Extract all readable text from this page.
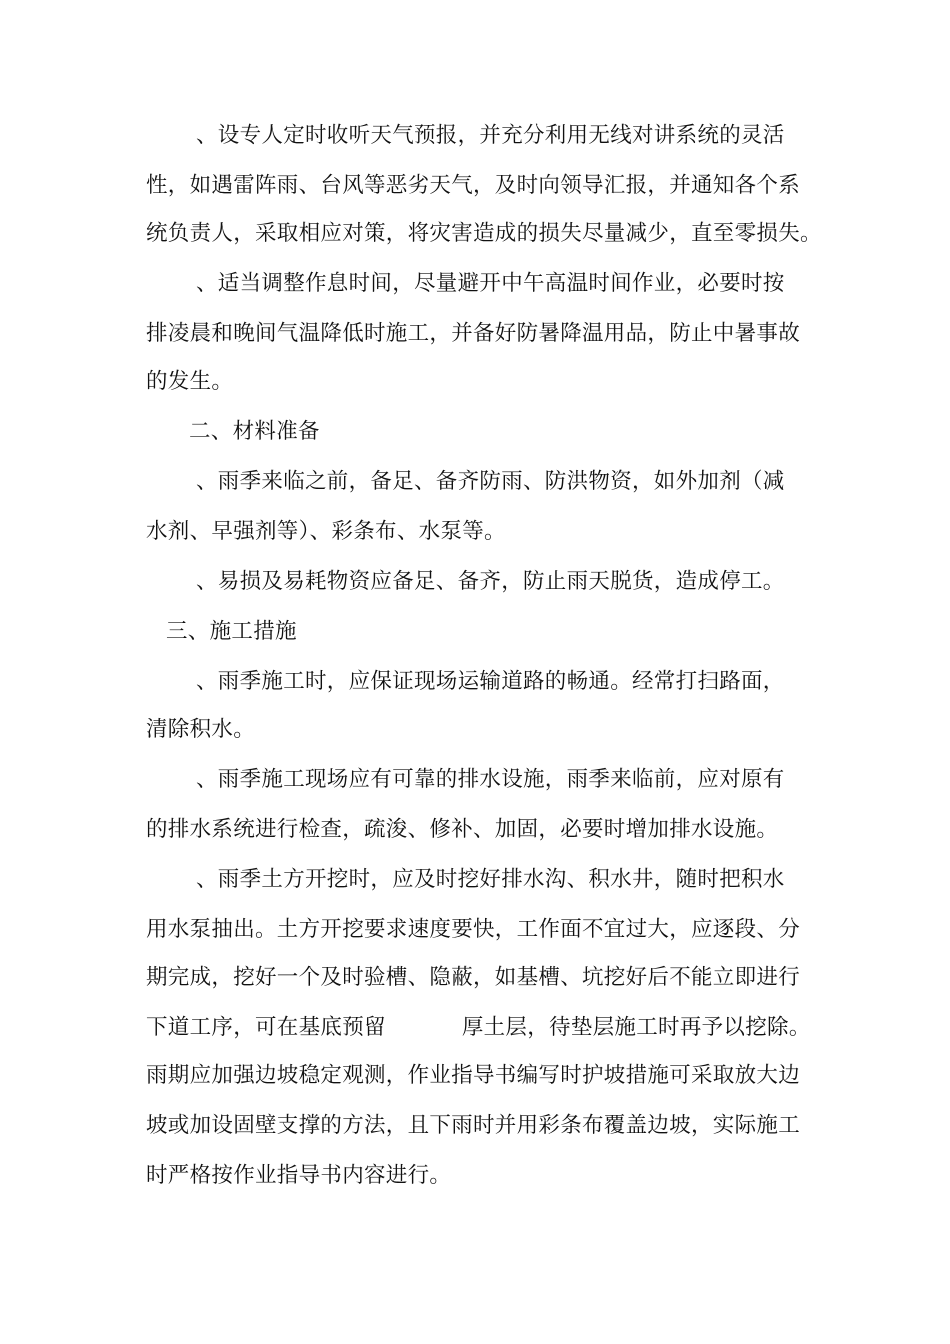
、设专人定时收听天气预报，并充分利用无线对讲系统的灵活
性，如遇雷阵雨、台风等恶劣天气，及时向领导汇报，并通知各个系
统负责人，采取相应对策，将灾害造成的损失尽量减少，直至零损失。
、适当调整作息时间，尽量避开中午高温时间作业，必要时按
排凌晨和晚间气温降低时施工，并备好防暑降温用品，防止中暑事故
的发生。
二、材料准备
、雨季来临之前，备足、备齐防雨、防洪物资，如外加剂（减
水剂、早强剂等）、彩条布、水泵等。
、易损及易耗物资应备足、备齐，防止雨天脱货，造成停工。
三、施工措施
、雨季施工时，应保证现场运输道路的畅通。经常打扫路面，
清除积水。
、雨季施工现场应有可靠的排水设施，雨季来临前，应对原有
的排水系统进行检查，疏浚、修补、加固，必要时增加排水设施。
、雨季土方开挖时，应及时挖好排水沟、积水井，随时把积水
用水泵抽出。土方开挖要求速度要快，工作面不宜过大，应逐段、分
期完成，挖好一个及时验槽、隐蔽，如基槽、坑挖好后不能立即进行
下道工序，可在基底预留	厚土层，待垫层施工时再予以挖除。
雨期应加强边坡稳定观测，作业指导书编写时护坡措施可采取放大边
坡或加设固壁支撑的方法，且下雨时并用彩条布覆盖边坡，实际施工
时严格按作业指导书内容进行。
